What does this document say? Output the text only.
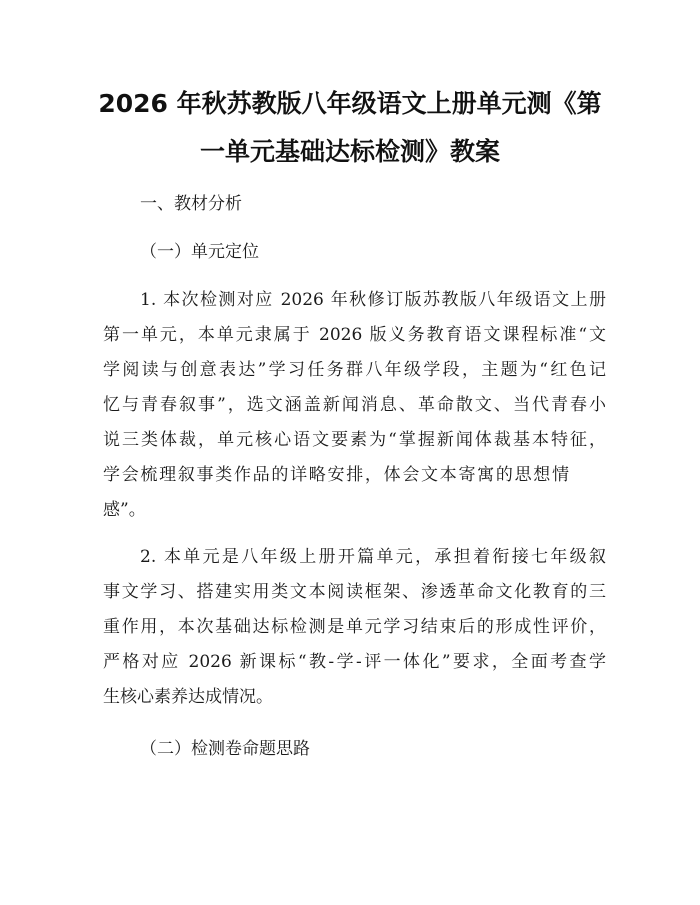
2026 年秋苏教版八年级语文上册单元测《第
一单元基础达标检测》教案
一、教材分析
（一）单元定位
1. 本次检测对应 2026 年秋修订版苏教版八年级语文上册
第一单元，本单元隶属于 2026 版义务教育语文课程标准“文
学阅读与创意表达”学习任务群八年级学段，主题为“红色记
忆与青春叙事”，选文涵盖新闻消息、革命散文、当代青春小
说三类体裁，单元核心语文要素为“掌握新闻体裁基本特征，
学会梳理叙事类作品的详略安排，体会文本寄寓的思想情
感”。
2. 本单元是八年级上册开篇单元，承担着衔接七年级叙
事文学习、搭建实用类文本阅读框架、渗透革命文化教育的三
重作用，本次基础达标检测是单元学习结束后的形成性评价，
严格对应 2026 新课标“教-学-评一体化”要求，全面考查学
生核心素养达成情况。
（二）检测卷命题思路
